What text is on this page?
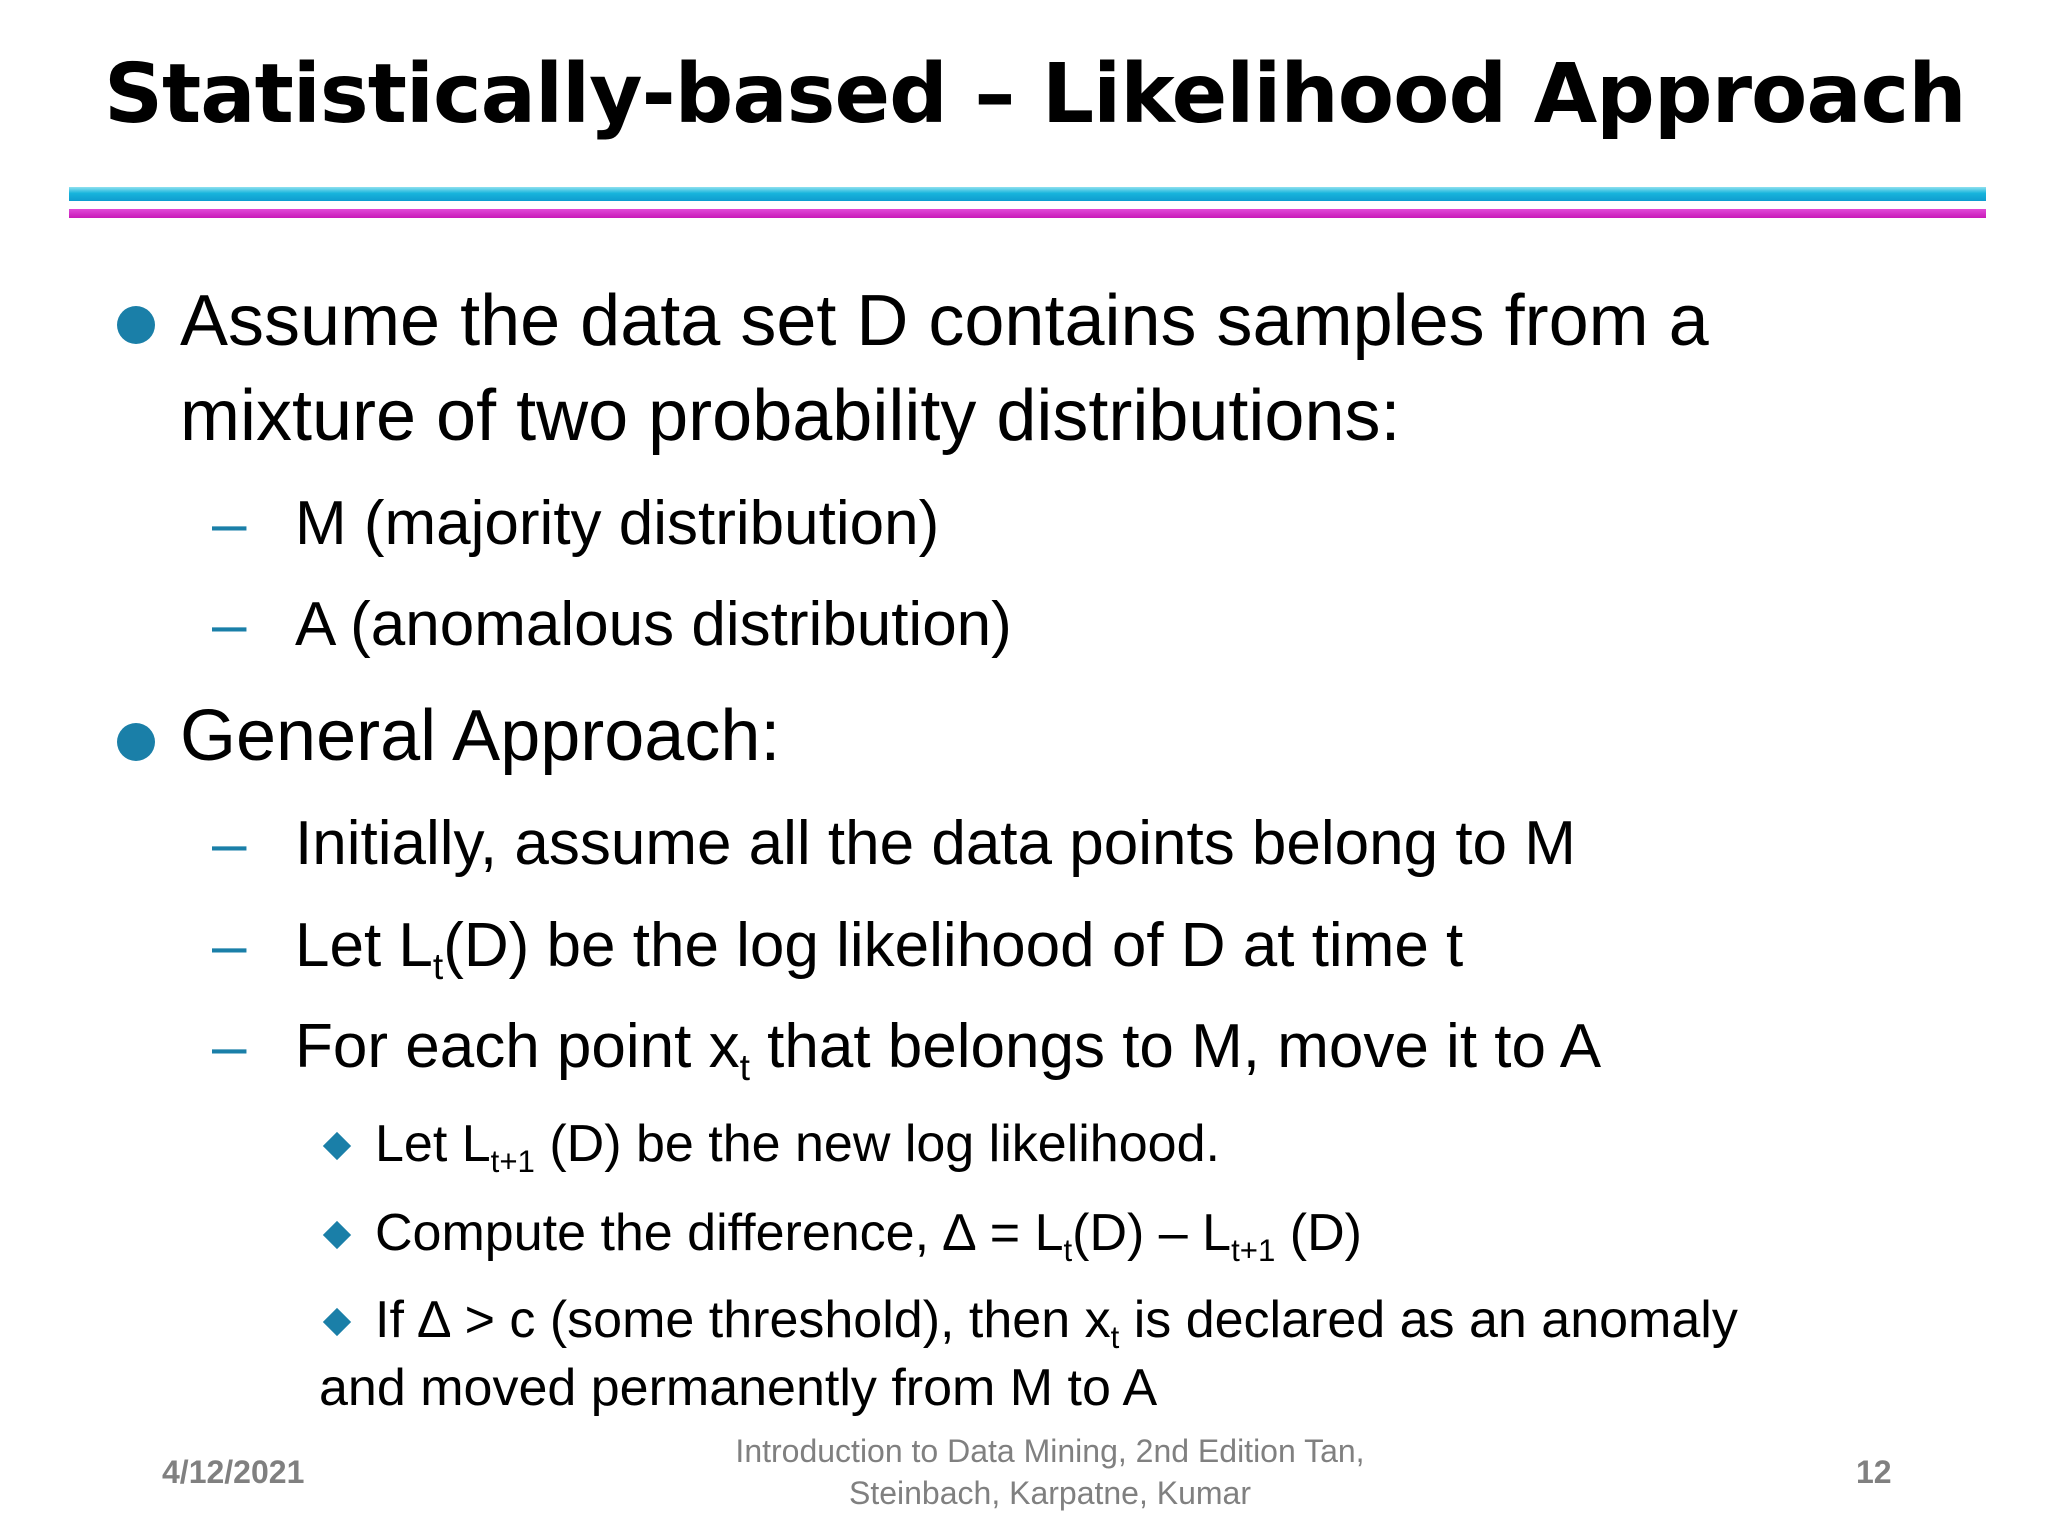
Statistically-based – Likelihood Approach
Assume the data set D contains samples from a mixture of two probability distributions:
– M (majority distribution)
– A (anomalous distribution)
General Approach:
– Initially, assume all the data points belong to M
– Let $L_t(D)$ be the log likelihood of D at time t
– For each point $x_t$ that belongs to M, move it to A
Let $L_{t+1}$ (D) be the new log likelihood.
Compute the difference, ∆ = $L_t(D) - L_{t+1}$ (D)
If ∆ > c (some threshold), then $x_t$ is declared as an anomaly
and moved permanently from M to A
4/12/2021
Introduction to Data Mining, 2nd Edition Tan,
Steinbach, Karpatne, Kumar
12
